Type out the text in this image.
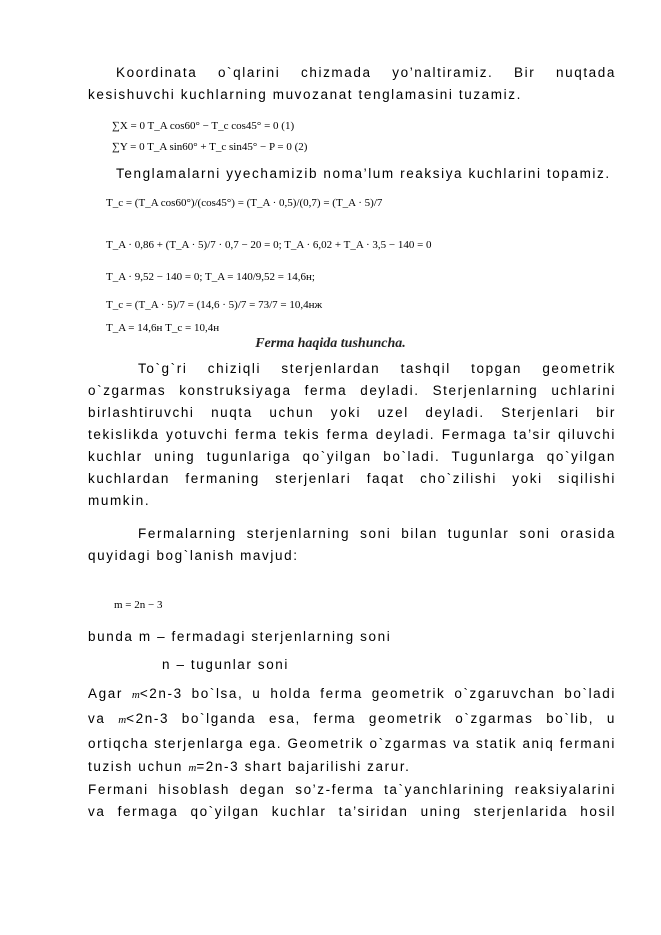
Koordinata o`qlarini chizmada yo’naltiramiz. Bir nuqtada
kesishuvchi kuchlarning muvozanat tenglamasini tuzamiz.

∑X = 0 T_A cos60° − T_c cos45° = 0 (1)
∑Y = 0 T_A sin60° + T_c sin45° − P = 0 (2)

Tenglamalarni yyechamizib noma’lum reaksiya kuchlarini topamiz.

T_c = (T_A cos60°)/(cos45°) = (T_A · 0,5)/(0,7) = (T_A · 5)/7
T_A · 0,86 + (T_A · 5)/7 · 0,7 − 20 = 0; T_A · 6,02 + T_A · 3,5 − 140 = 0
T_A · 9,52 − 140 = 0; T_A = 140/9,52 = 14,6н;
T_c = (T_A · 5)/7 = (14,6 · 5)/7 = 73/7 = 10,4нж
T_A = 14,6н T_c = 10,4н

Ferma haqida tushuncha.

To`g`ri chiziqli sterjenlardan tashqil topgan geometrik
o`zgarmas konstruksiyaga ferma deyladi. Sterjenlarning uchlarini
birlashtiruvchi nuqta uchun yoki uzel deyladi. Sterjenlari bir
tekislikda yotuvchi ferma tekis ferma deyladi. Fermaga ta’sir qiluvchi
kuchlar uning tugunlariga qo`yilgan bo`ladi. Tugunlarga qo`yilgan
kuchlardan fermaning sterjenlari faqat cho`zilishi yoki siqilishi
mumkin.

Fermalarning sterjenlarning soni bilan tugunlar soni orasida
quyidagi bog`lanish mavjud:

m = 2n − 3

bunda m – fermadagi sterjenlarning soni

n – tugunlar soni

Agar m<2n-3 bo`lsa, u holda ferma geometrik o`zgaruvchan bo`ladi
va m<2n-3 bo`lganda esa, ferma geometrik o`zgarmas bo`lib, u
ortiqcha sterjenlarga ega. Geometrik o`zgarmas va statik aniq fermani
tuzish uchun m=2n-3 shart bajarilishi zarur.

Fermani hisoblash degan so’z-ferma ta`yanchlarining reaksiyalarini
va fermaga qo`yilgan kuchlar ta’siridan uning sterjenlarida hosil
